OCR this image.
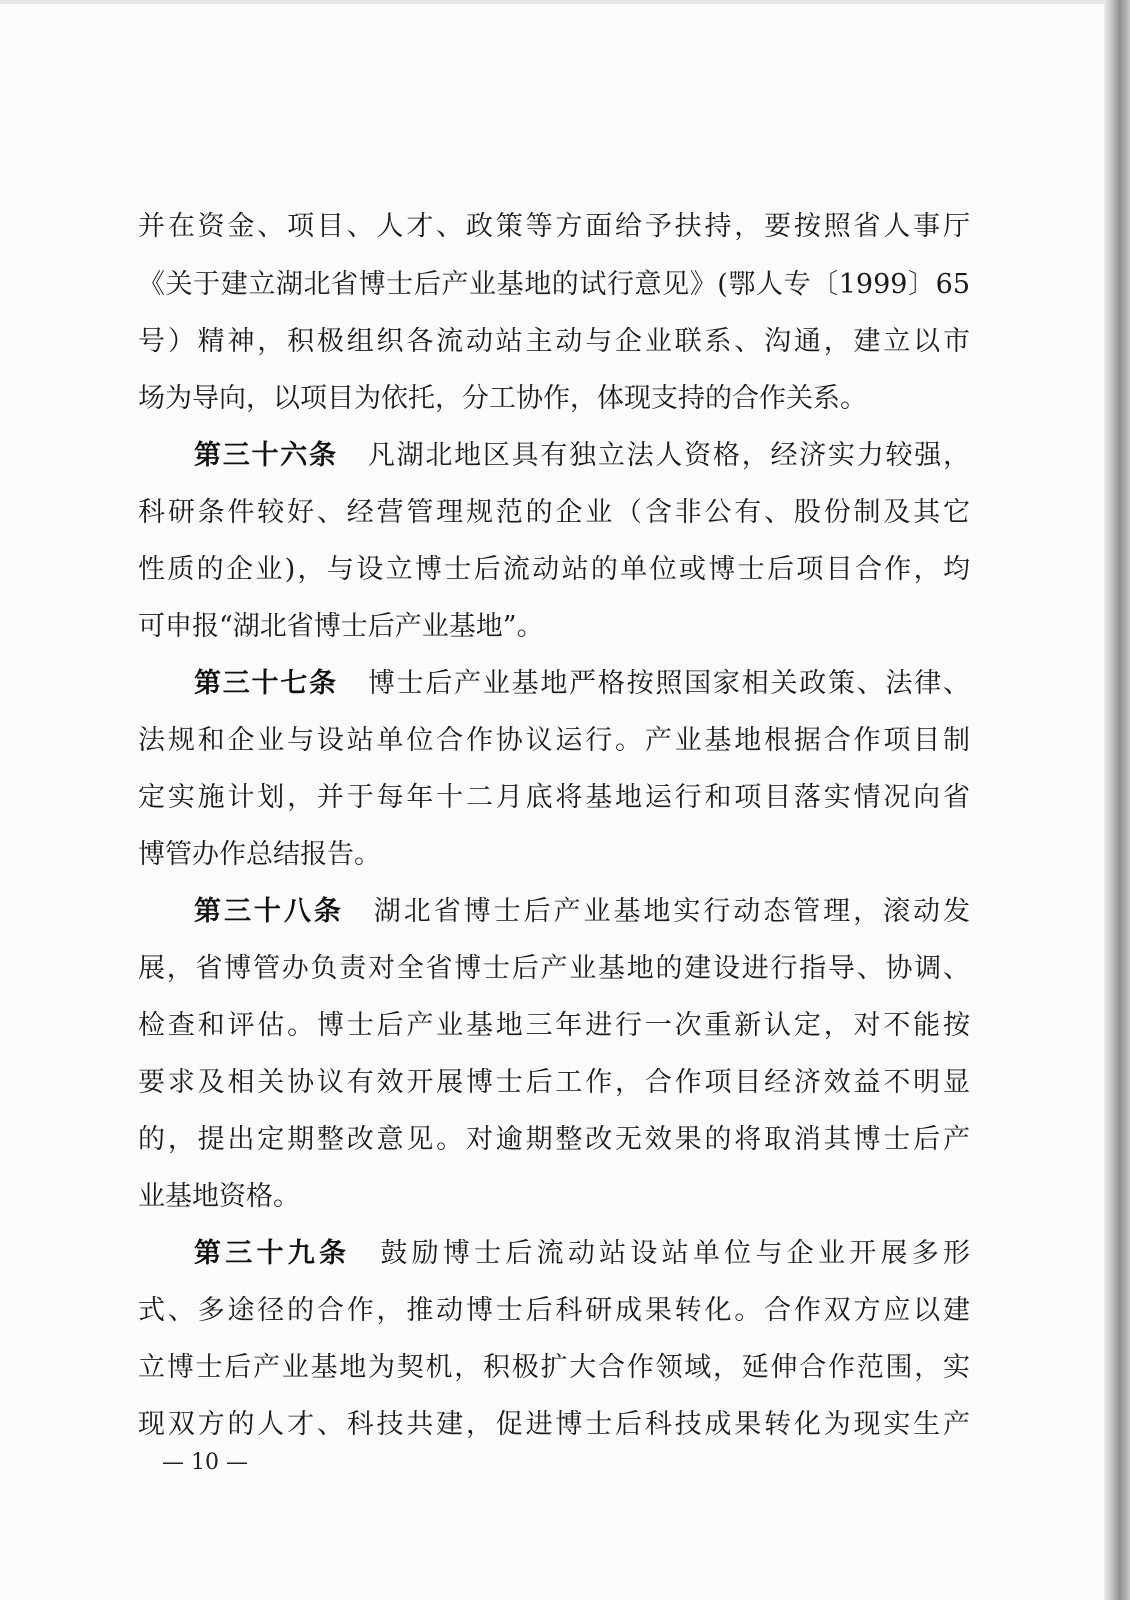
并在资金、项目、人才、政策等方面给予扶持，要按照省人事厅
《关于建立湖北省博士后产业基地的试行意见》(鄂人专〔1999〕65
号）精神，积极组织各流动站主动与企业联系、沟通，建立以市
场为导向，以项目为依托，分工协作，体现支持的合作关系。
第三十六条 凡湖北地区具有独立法人资格，经济实力较强，
科研条件较好、经营管理规范的企业（含非公有、股份制及其它
性质的企业)，与设立博士后流动站的单位或博士后项目合作，均
可申报“湖北省博士后产业基地”。
第三十七条 博士后产业基地严格按照国家相关政策、法律、
法规和企业与设站单位合作协议运行。产业基地根据合作项目制
定实施计划，并于每年十二月底将基地运行和项目落实情况向省
博管办作总结报告。
第三十八条 湖北省博士后产业基地实行动态管理，滚动发
展，省博管办负责对全省博士后产业基地的建设进行指导、协调、
检查和评估。博士后产业基地三年进行一次重新认定，对不能按
要求及相关协议有效开展博士后工作，合作项目经济效益不明显
的，提出定期整改意见。对逾期整改无效果的将取消其博士后产
业基地资格。
第三十九条 鼓励博士后流动站设站单位与企业开展多形
式、多途径的合作，推动博士后科研成果转化。合作双方应以建
立博士后产业基地为契机，积极扩大合作领域，延伸合作范围，实
现双方的人才、科技共建，促进博士后科技成果转化为现实生产
— 10 —
